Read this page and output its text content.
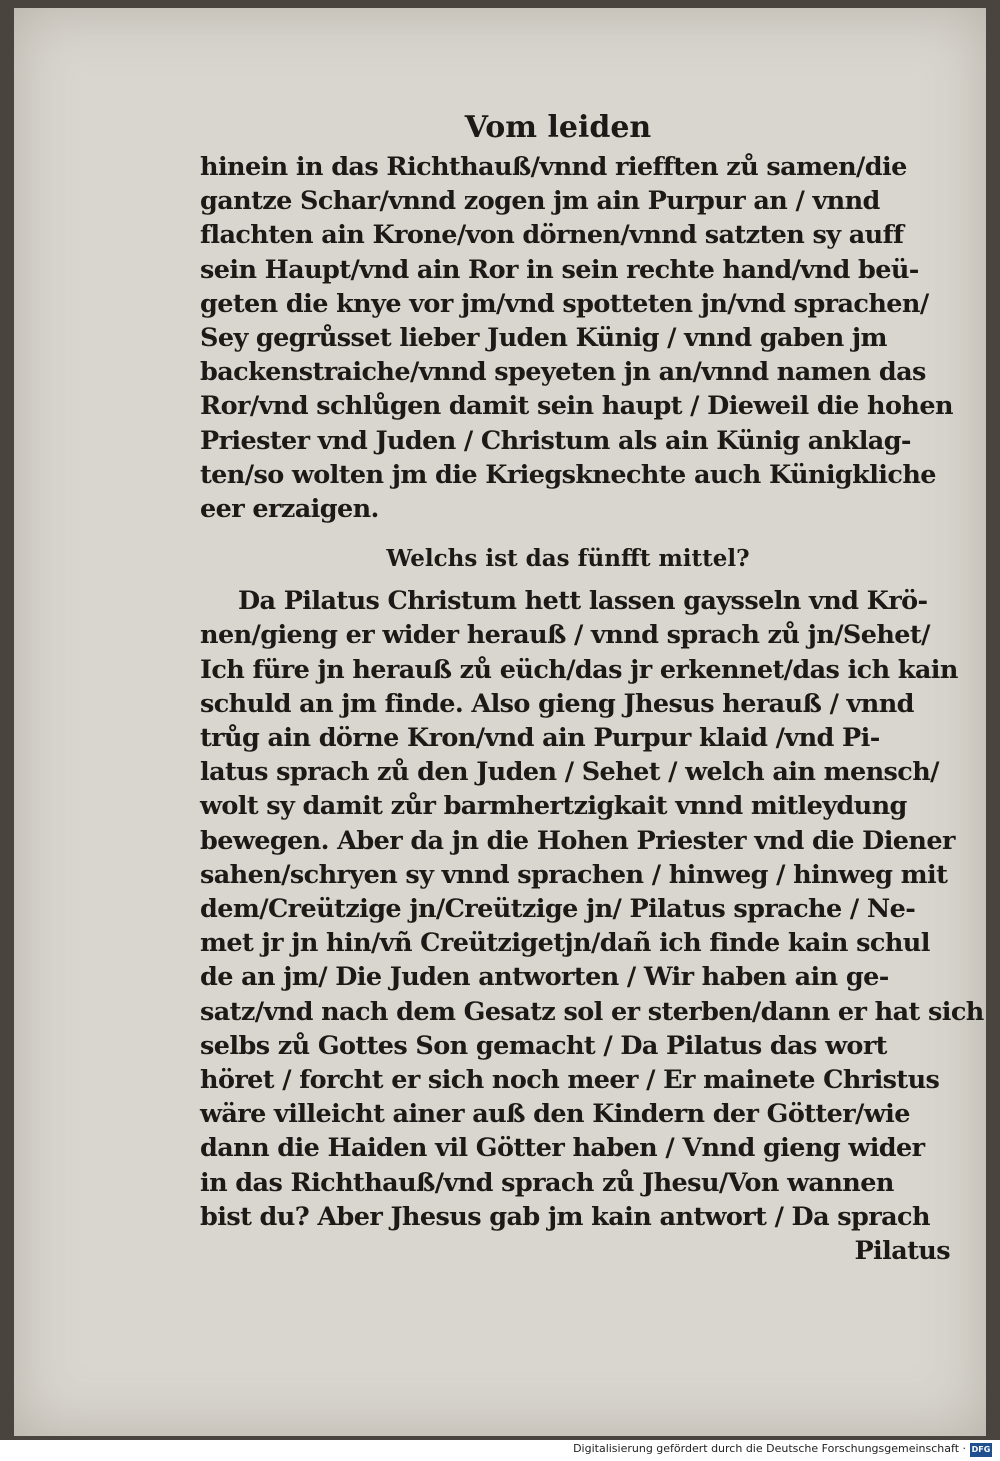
Vom leiden
hinein in das Richthauß/vnnd riefften zů samen/die
gantze Schar/vnnd zogen jm ain Purpur an / vnnd
flachten ain Krone/von dörnen/vnnd satzten sy auff
sein Haupt/vnd ain Ror in sein rechte hand/vnd beü-
geten die knye vor jm/vnd spotteten jn/vnd sprachen/
Sey gegrůsset lieber Juden Künig / vnnd gaben jm
backenstraiche/vnnd speyeten jn an/vnnd namen das
Ror/vnd schlůgen damit sein haupt / Dieweil die hohen
Priester vnd Juden / Christum als ain Künig anklag-
ten/so wolten jm die Kriegsknechte auch Künigkliche
eer erzaigen.
Welchs ist das fünfft mittel?
Da Pilatus Christum hett lassen gaysseln vnd Krö-
nen/gieng er wider herauß / vnnd sprach zů jn/Sehet/
Ich füre jn herauß zů eüch/das jr erkennet/das ich kain
schuld an jm finde. Also gieng Jhesus herauß / vnnd
trůg ain dörne Kron/vnd ain Purpur klaid /vnd Pi-
latus sprach zů den Juden / Sehet / welch ain mensch/
wolt sy damit zůr barmhertzigkait vnnd mitleydung
bewegen. Aber da jn die Hohen Priester vnd die Diener
sahen/schryen sy vnnd sprachen / hinweg / hinweg mit
dem/Creützige jn/Creützige jn/ Pilatus sprache / Ne-
met jr jn hin/vñ Creützigetjn/dañ ich finde kain schul
de an jm/ Die Juden antworten / Wir haben ain ge-
satz/vnd nach dem Gesatz sol er sterben/dann er hat sich
selbs zů Gottes Son gemacht / Da Pilatus das wort
höret / forcht er sich noch meer / Er mainete Christus
wäre villeicht ainer auß den Kindern der Götter/wie
dann die Haiden vil Götter haben / Vnnd gieng wider
in das Richthauß/vnd sprach zů Jhesu/Von wannen
bist du? Aber Jhesus gab jm kain antwort / Da sprach
Pilatus
Digitalisierung gefördert durch die Deutsche Forschungsgemeinschaft · DFG
